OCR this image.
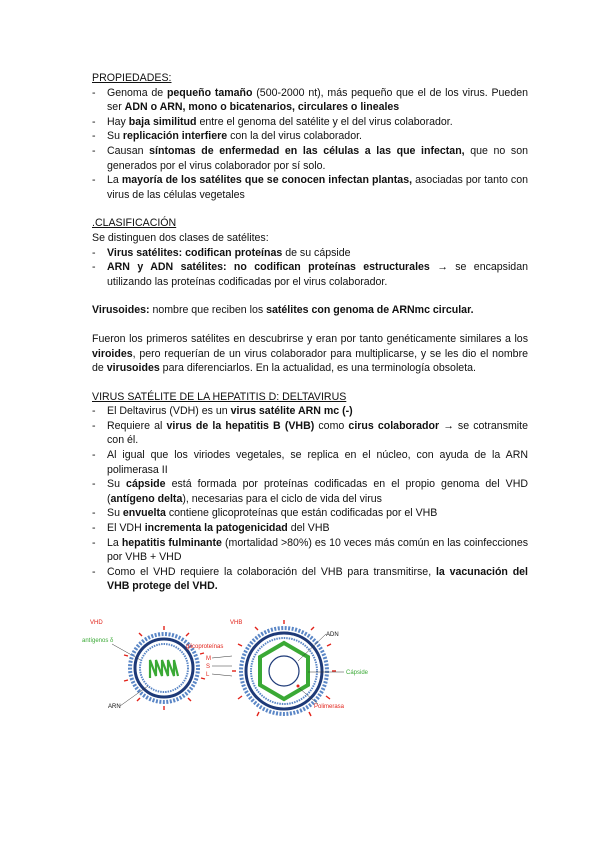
PROPIEDADES:

- Genoma de pequeño tamaño (500-2000 nt), más pequeño que el de los virus. Pueden ser ADN o ARN, mono o bicatenarios, circulares o lineales
- Hay baja similitud entre el genoma del satélite y el del virus colaborador.
- Su replicación interfiere con la del virus colaborador.
- Causan síntomas de enfermedad en las células a las que infectan, que no son generados por el virus colaborador por sí solo.
- La mayoría de los satélites que se conocen infectan plantas, asociadas por tanto con virus de las células vegetales

.CLASIFICACIÓN

Se distinguen dos clases de satélites:

- Virus satélites: codifican proteínas de su cápside
- ARN y ADN satélites: no codifican proteínas estructurales → se encapsidan utilizando las proteínas codificadas por el virus colaborador.

Virusoides: nombre que reciben los satélites con genoma de ARNmc circular.

Fueron los primeros satélites en descubrirse y eran por tanto genéticamente similares a los viroides, pero requerían de un virus colaborador para multiplicarse, y se les dio el nombre de virusoides para diferenciarlos. En la actualidad, es una terminología obsoleta.

VIRUS SATÉLITE DE LA HEPATITIS D: DELTAVIRUS

- El Deltavirus (VDH) es un virus satélite ARN mc (-)
- Requiere al virus de la hepatitis B (VHB) como cirus colaborador → se cotransmite con él.
- Al igual que los viriodes vegetales, se replica en el núcleo, con ayuda de la ARN polimerasa II
- Su cápside está formada por proteínas codificadas en el propio genoma del VHD (antígeno delta), necesarias para el ciclo de vida del virus
- Su envuelta contiene glicoproteínas que están codificadas por el VHB
- El VDH incrementa la patogenicidad del VHB
- La hepatitis fulminante (mortalidad >80%) es 10 veces más común en las coinfecciones por VHB + VHD
- Como el VHD requiere la colaboración del VHB para transmitirse, la vacunación del VHB protege del VHD.
VHD
antígenos δ
ARN
VHB
glicoproteínas
M
S
L
ADN
Cápside
Polimerasa
